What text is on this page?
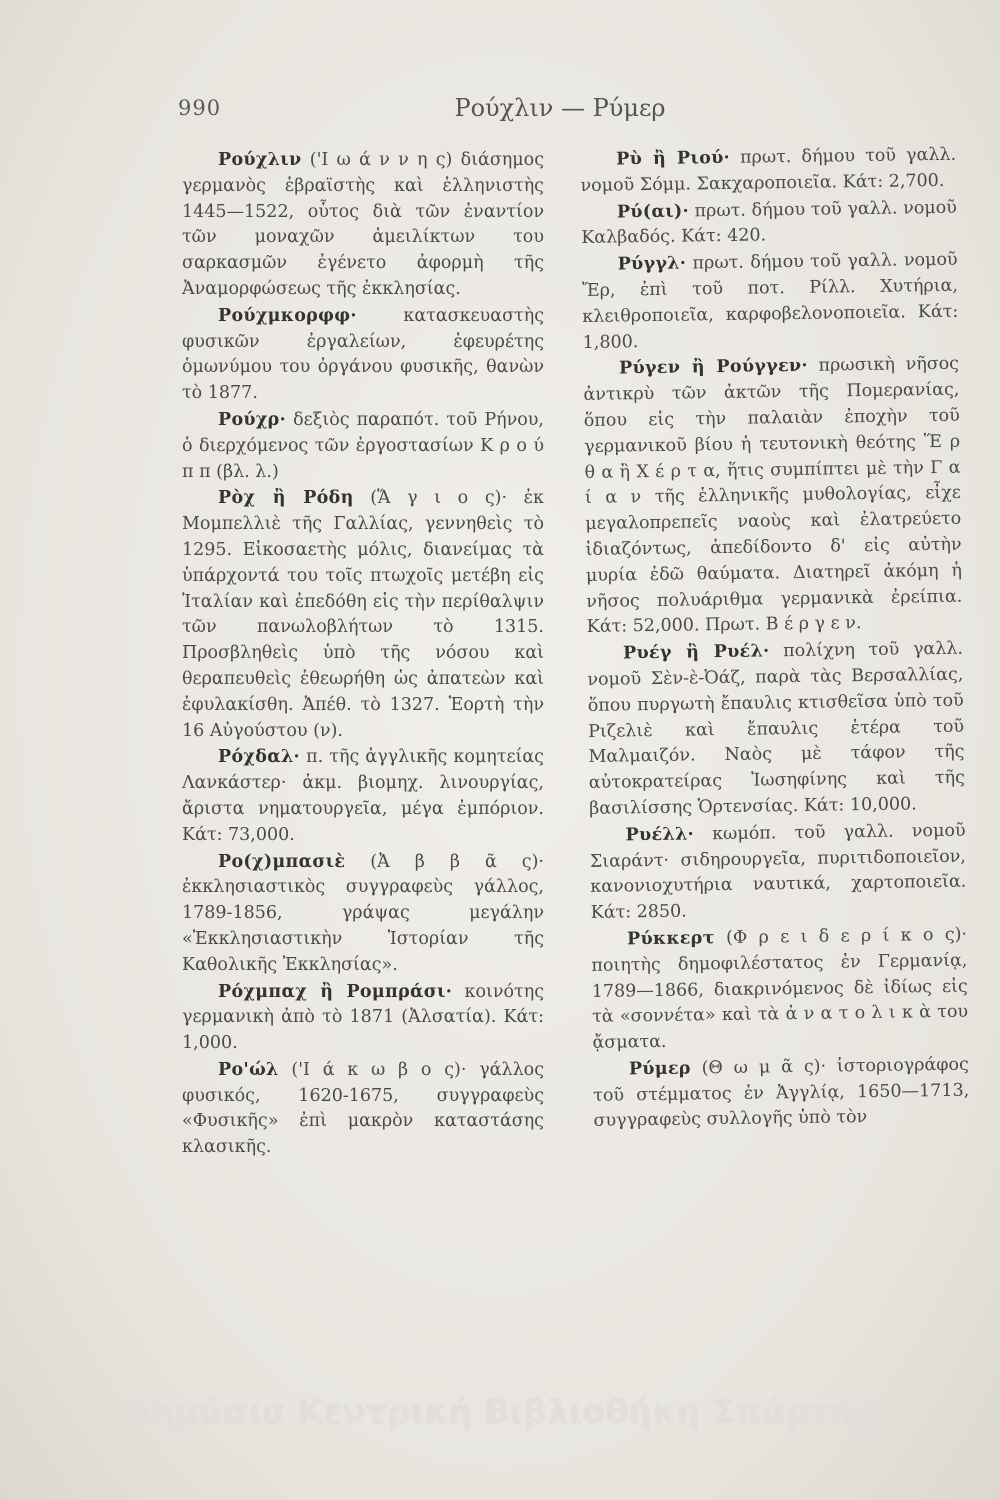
990	Ρούχλιν — Ρύμερ

Ρούχλιν ('Ι ω ά ν ν η ς) διάσημος γερμανὸς ἑβραϊστὴς καὶ ἑλληνιστὴς 1445—1522, οὗτος διὰ τῶν ἐναντίον τῶν μοναχῶν ἀμειλίκτων του σαρκασμῶν ἐγένετο ἀφορμὴ τῆς Ἀναμορφώσεως τῆς ἐκκλησίας.

Ρούχμκορφφ· κατασκευαστὴς φυσικῶν ἐργαλείων, ἐφευρέτης ὁμωνύμου του ὀργάνου φυσικῆς, θανὼν τὸ 1877.

Ρούχρ· δεξιὸς παραπότ. τοῦ Ρήνου, ὁ διερχόμενος τῶν ἐργοστασίων Κ ρ ο ύ π π (βλ. λ.)

Ρὸχ ἢ Ρόδη (Ἅ γ ι ο ς)· ἐκ Μομπελλιὲ τῆς Γαλλίας, γεννηθεὶς τὸ 1295. Εἰκοσαετὴς μόλις, διανείμας τὰ ὑπάρχοντά του τοῖς πτωχοῖς μετέβη εἰς Ἰταλίαν καὶ ἐπεδόθη εἰς τὴν περίθαλψιν τῶν πανωλοβλήτων τὸ 1315. Προσβληθεὶς ὑπὸ τῆς νόσου καὶ θεραπευθεὶς ἐθεωρήθη ὡς ἀπατεὼν καὶ ἐφυλακίσθη. Ἀπέθ. τὸ 1327. Ἑορτὴ τὴν 16 Αὐγούστου (ν).

Ρόχδαλ· π. τῆς ἀγγλικῆς κομητείας Λανκάστερ· ἀκμ. βιομηχ. λινουργίας, ἄριστα νηματουργεῖα, μέγα ἐμπόριον. Κάτ: 73,000.

Ρο(χ)μπασιὲ (Ἀ β β ᾶ ς)· ἐκκλησιαστικὸς συγγραφεὺς γάλλος, 1789-1856, γράψας μεγάλην «Ἐκκλησιαστικὴν Ἱστορίαν τῆς Καθολικῆς Ἐκκλησίας».

Ρόχμπαχ ἢ Ρομπράσι· κοινότης γερμανικὴ ἀπὸ τὸ 1871 (Ἀλσατία). Κάτ: 1,000.

Ρο'ώλ ('Ι ά κ ω β ο ς)· γάλλος φυσικός, 1620-1675, συγγραφεὺς «Φυσικῆς» ἐπὶ μακρὸν καταστάσης κλασικῆς.

Ρὺ ἢ Ριού· πρωτ. δήμου τοῦ γαλλ. νομοῦ Σόμμ. Σακχαροποιεῖα. Κάτ: 2,700.

Ρύ(αι)· πρωτ. δήμου τοῦ γαλλ. νομοῦ Καλβαδός. Κάτ: 420.

Ρύγγλ· πρωτ. δήμου τοῦ γαλλ. νομοῦ Ἔρ, ἐπὶ τοῦ ποτ. Ρίλλ. Χυτήρια, κλειθροποιεῖα, καρφοβελονοποιεῖα. Κάτ: 1,800.

Ρύγεν ἢ Ρούγγεν· πρωσικὴ νῆσος ἀντικρὺ τῶν ἀκτῶν τῆς Πομερανίας, ὅπου εἰς τὴν παλαιὰν ἐποχὴν τοῦ γερμανικοῦ βίου ἡ τευτονικὴ θεότης Ἕ ρ θ α ἢ Χ έ ρ τ α, ἥτις συμπίπτει μὲ τὴν Γ α ί α ν τῆς ἑλληνικῆς μυθολογίας, εἶχε μεγαλοπρεπεῖς ναοὺς καὶ ἐλατρεύετο ἰδιαζόντως, ἀπεδίδοντο δ' εἰς αὐτὴν μυρία ἐδῶ θαύματα. Διατηρεῖ ἀκόμη ἡ νῆσος πολυάριθμα γερμανικὰ ἐρείπια. Κάτ: 52,000. Πρωτ. Β έ ρ γ ε ν.

Ρυέγ ἢ Ρυέλ· πολίχνη τοῦ γαλλ. νομοῦ Σὲν-ὲ-Ὀάζ, παρὰ τὰς Βερσαλλίας, ὅπου πυργωτὴ ἔπαυλις κτισθεῖσα ὑπὸ τοῦ Ριζελιὲ καὶ ἔπαυλις ἑτέρα τοῦ Μαλμαιζόν. Ναὸς μὲ τάφον τῆς αὐτοκρατείρας Ἰωσηφίνης καὶ τῆς βασιλίσσης Ὁρτενσίας. Κάτ: 10,000.

Ρυέλλ· κωμόπ. τοῦ γαλλ. νομοῦ Σιαράντ· σιδηρουργεῖα, πυριτιδοποιεῖον, κανονιοχυτήρια ναυτικά, χαρτοποιεῖα. Κάτ: 2850.

Ρύκκερτ (Φ ρ ε ι δ ε ρ ί κ ο ς)· ποιητὴς δημοφιλέστατος ἐν Γερμανίᾳ, 1789—1866, διακρινόμενος δὲ ἰδίως εἰς τὰ «σοννέτα» καὶ τὰ ἀ ν α τ ο λ ι κ ὰ του ᾄσματα.

Ρύμερ (Θ ω μ ᾶ ς)· ἱστοριογράφος τοῦ στέμματος ἐν Ἀγγλίᾳ, 1650—1713, συγγραφεὺς συλλογῆς ὑπὸ τὸν

Δημόσια Κεντρική Βιβλιοθήκη Σπάρτης
